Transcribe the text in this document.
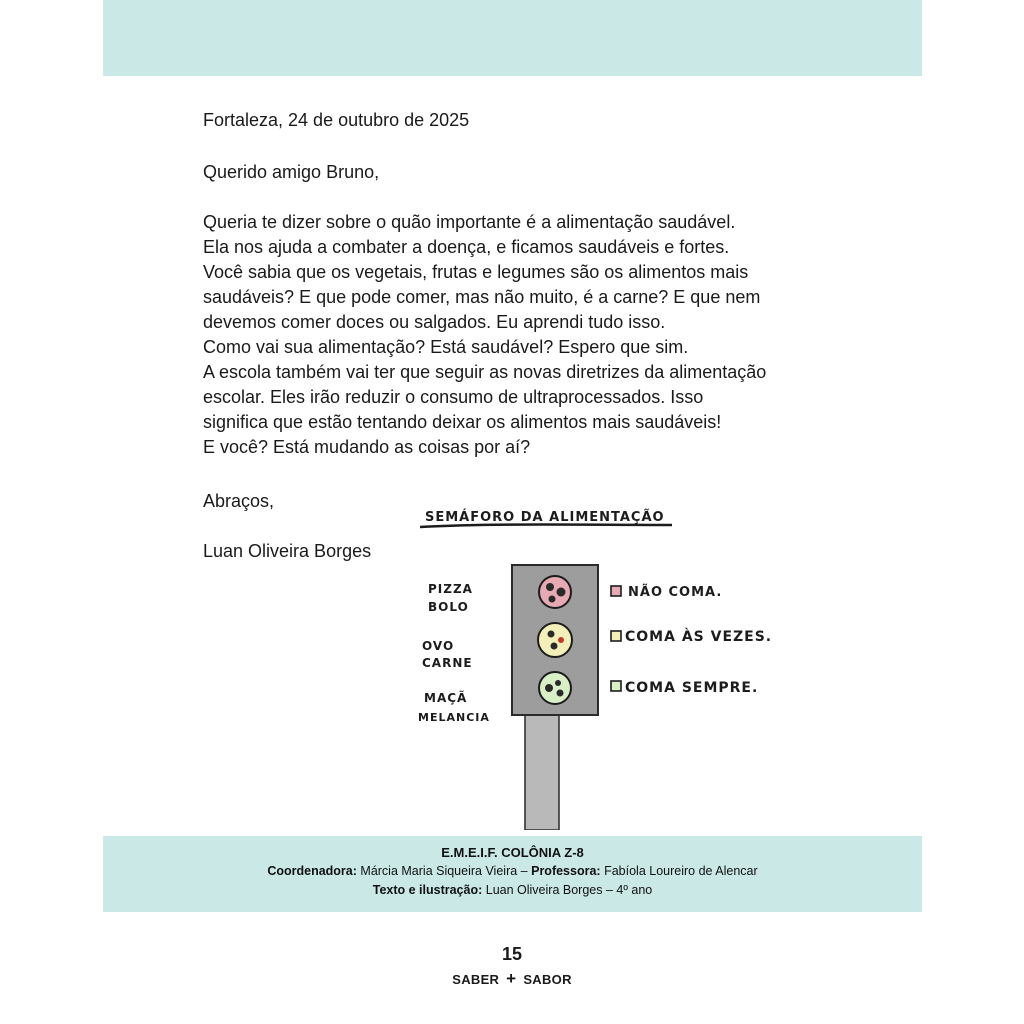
Fortaleza, 24 de outubro de 2025

Querido amigo Bruno,

Queria te dizer sobre o quão importante é a alimentação saudável.
Ela nos ajuda a combater a doença, e ficamos saudáveis e fortes.
Você sabia que os vegetais, frutas e legumes são os alimentos mais
saudáveis? E que pode comer, mas não muito, é a carne? E que nem
devemos comer doces ou salgados. Eu aprendi tudo isso.
Como vai sua alimentação? Está saudável? Espero que sim.
A escola também vai ter que seguir as novas diretrizes da alimentação
escolar. Eles irão reduzir o consumo de ultraprocessados. Isso
significa que estão tentando deixar os alimentos mais saudáveis!
E você? Está mudando as coisas por aí?

Abraços,

Luan Oliveira Borges

SEMÁFORO DA ALIMENTAÇÃO
PIZZA
BOLO
OVO
CARNE
MAÇÃ
MELANCIA
NÃO COMA.
COMA ÀS VEZES.
COMA SEMPRE.
E.M.E.I.F. COLÔNIA Z-8
Coordenadora: Márcia Maria Siqueira Vieira – Professora: Fabíola Loureiro de Alencar
Texto e ilustração: Luan Oliveira Borges – 4º ano
15
SABER + SABOR
